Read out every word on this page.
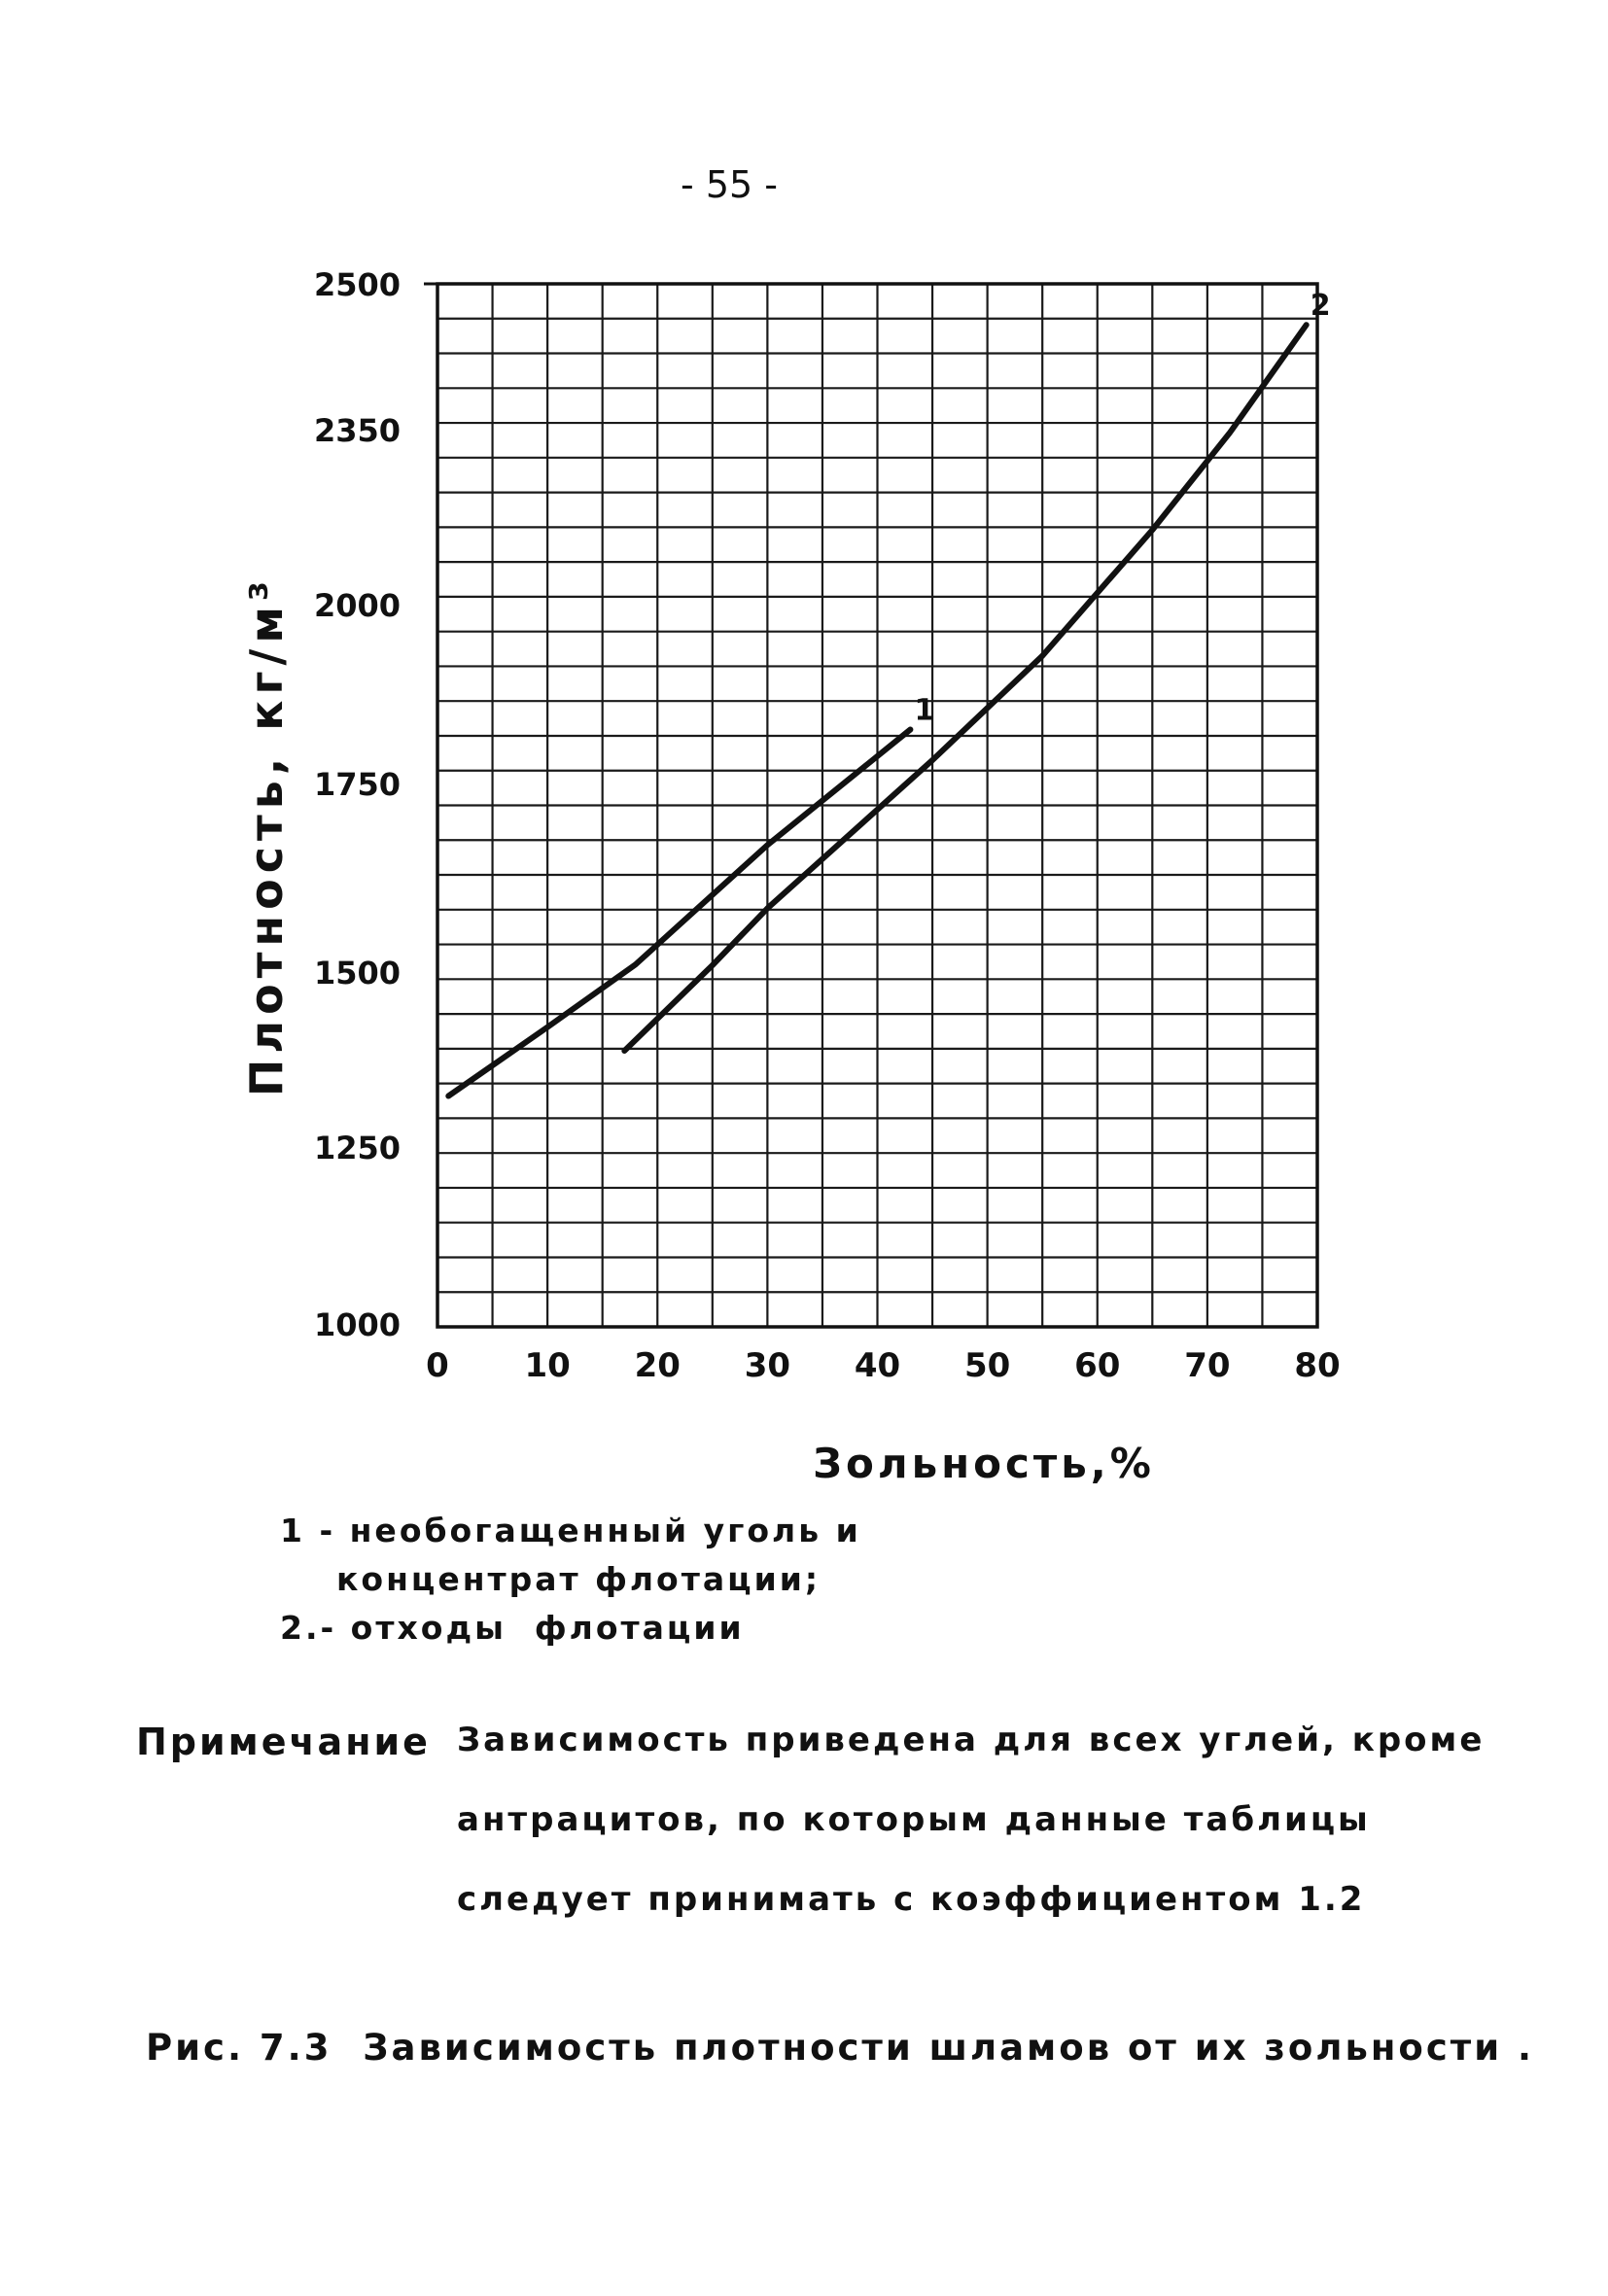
- 55 -
1
2
0 10 20 30 40 50 60 70 80
2500
2350
2000
1750
1500
1250
1000
Зольность,%
Плотность, кг/м³
1 - необогащенный уголь и
концентрат флотации;
2.- отходы  флотации
Примечание Зависимость приведена для всех углей, кроме
антрацитов, по которым данные таблицы
следует принимать с коэффициентом 1.2
Рис. 7.3  Зависимость плотности шламов от их зольности .
